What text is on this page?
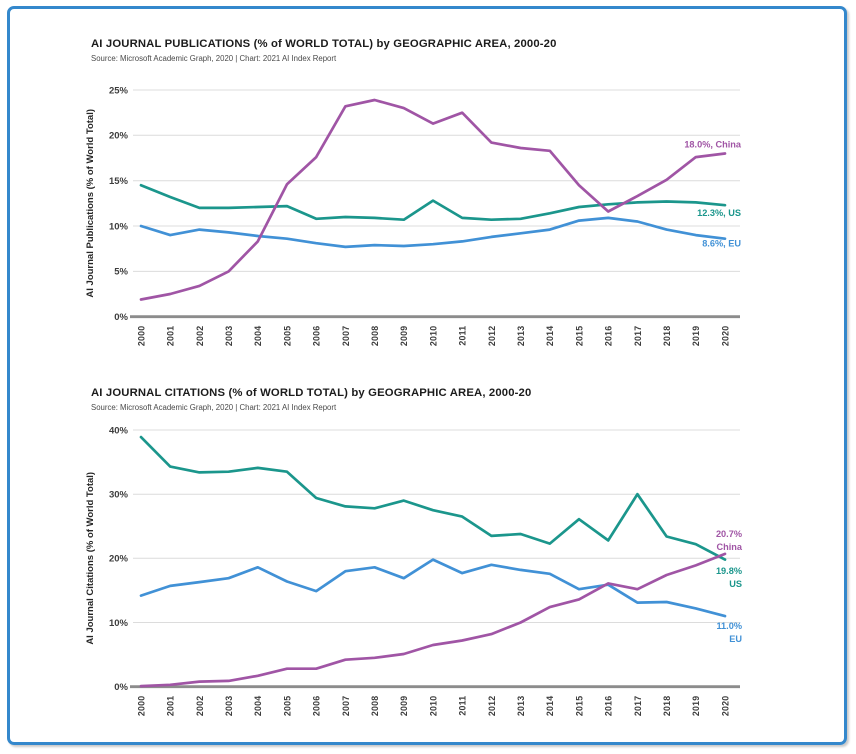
AI JOURNAL PUBLICATIONS (% of WORLD TOTAL) by GEOGRAPHIC AREA, 2000-20
Source: Microsoft Academic Graph, 2020 | Chart: 2021 AI Index Report
0%
5%
10%
15%
20%
25%
2000 2001 2002 2003 2004 2005 2006 2007 2008 2009 2010 2011 2012 2013 2014 2015 2016 2017 2018 2019 2020
AI Journal Publications (% of World Total)	8.6%, EU
12.3%, US
18.0%, China
AI JOURNAL CITATIONS (% of WORLD TOTAL) by GEOGRAPHIC AREA, 2000-20
Source: Microsoft Academic Graph, 2020 | Chart: 2021 AI Index Report
0%
10%
20%
30%
40%
2000 2001 2002 2003 2004 2005 2006 2007 2008 2009 2010 2011 2012 2013 2014 2015 2016 2017 2018 2019 2020
AI Journal Citations (% of World Total)	11.0% EU
19.8% US
20.7% China
